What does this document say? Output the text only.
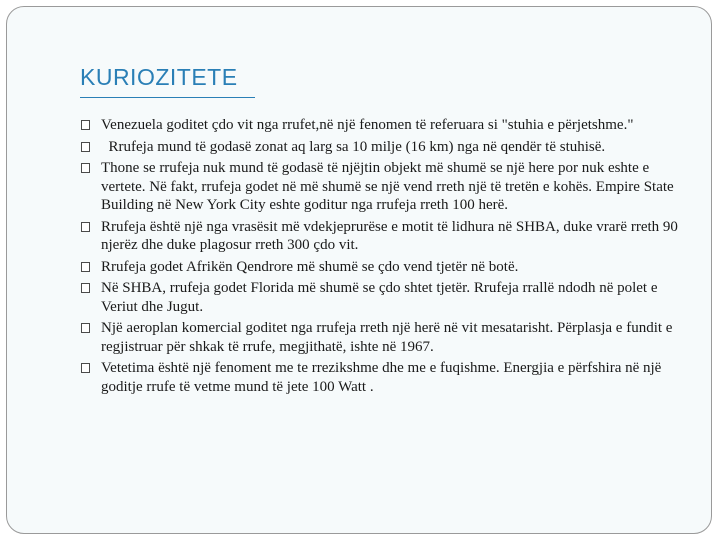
KURIOZITETE
Venezuela goditet çdo vit nga rrufet,në një fenomen të referuara si "stuhia e përjetshme."
Rrufeja mund të godasë zonat aq larg sa 10 milje (16 km) nga në qendër të stuhisë.
Thone se rrufeja nuk mund të godasë të njëjtin objekt më shumë se një here por nuk eshte e vertete. Në fakt, rrufeja godet në më shumë se një vend rreth një të tretën e kohës. Empire State Building në New York City eshte goditur nga rrufeja rreth 100 herë.
Rrufeja është një nga vrasësit më vdekjeprurëse e motit të lidhura në SHBA, duke vrarë rreth 90 njerëz dhe duke plagosur rreth 300 çdo vit.
Rrufeja godet Afrikën Qendrore më shumë se çdo vend tjetër në botë.
Në SHBA, rrufeja godet Florida më shumë se çdo shtet tjetër. Rrufeja rrallë ndodh në polet e Veriut dhe Jugut.
Një aeroplan komercial goditet nga rrufeja rreth një herë në vit mesatarisht. Përplasja e fundit e regjistruar për shkak të rrufe, megjithatë, ishte në 1967.
Vetetima është një fenoment me te rrezikshme dhe me e fuqishme. Energjia e përfshira në një goditje rrufe të vetme mund të jete 100 Watt .
